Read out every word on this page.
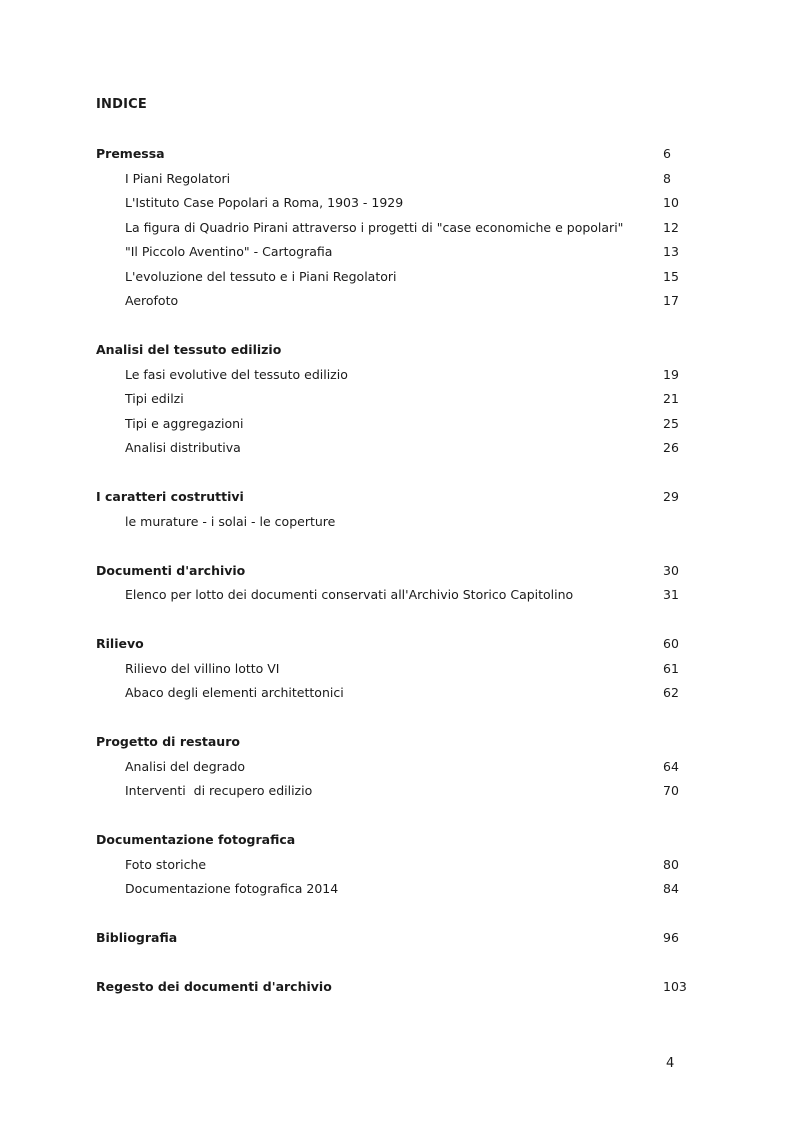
INDICE
Premessa	6
I Piani Regolatori	8
L'Istituto Case Popolari a Roma, 1903 - 1929	10
La figura di Quadrio Pirani attraverso i progetti di "case economiche e popolari"	12
"Il Piccolo Aventino" - Cartografia	13
L'evoluzione del tessuto e i Piani Regolatori	15
Aerofoto	17
Analisi del tessuto edilizio
Le fasi evolutive del tessuto edilizio	19
Tipi edilzi	21
Tipi e aggregazioni	25
Analisi distributiva	26
I caratteri costruttivi	29
le murature - i solai - le coperture
Documenti d'archivio	30
Elenco per lotto dei documenti conservati all'Archivio Storico Capitolino	31
Rilievo	60
Rilievo del villino lotto VI	61
Abaco degli elementi architettonici	62
Progetto di restauro
Analisi del degrado	64
Interventi  di recupero edilizio	70
Documentazione fotografica
Foto storiche	80
Documentazione fotografica 2014	84
Bibliografia	96
Regesto dei documenti d'archivio	103
4
